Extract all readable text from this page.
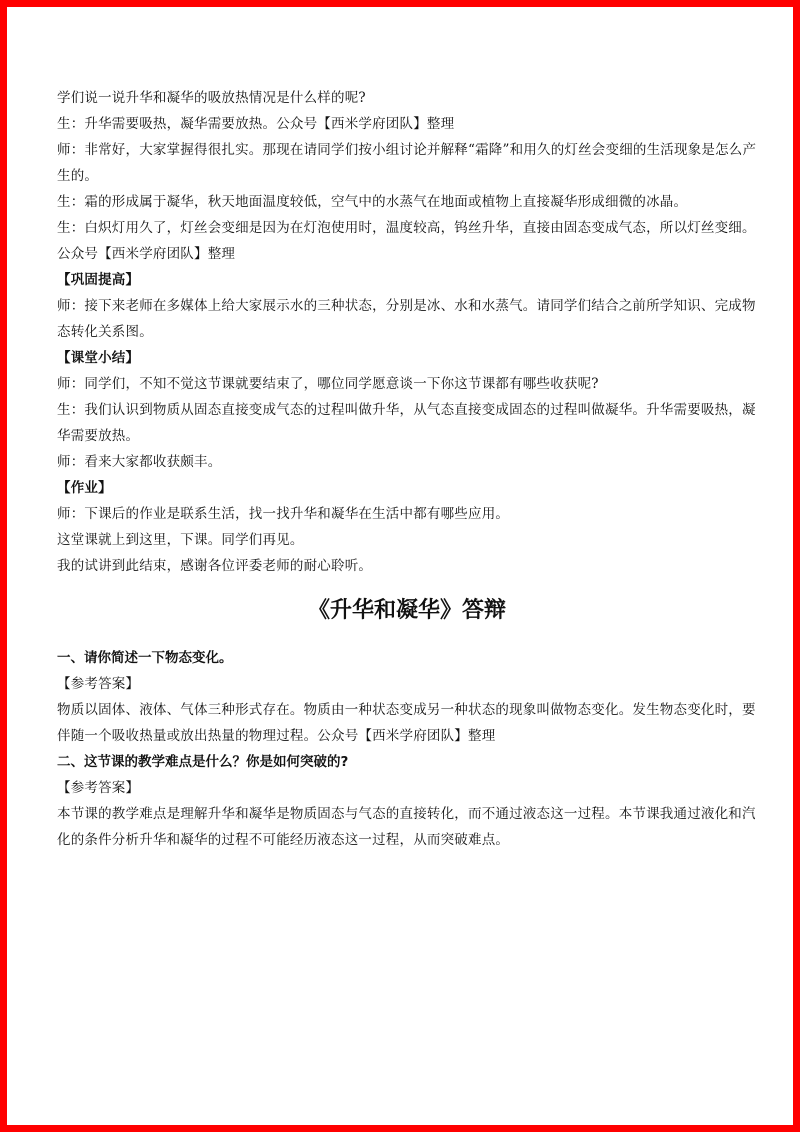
学们说一说升华和凝华的吸放热情况是什么样的呢?

生：升华需要吸热，凝华需要放热。公众号【西米学府团队】整理

师：非常好，大家掌握得很扎实。那现在请同学们按小组讨论并解释“霜降”和用久的灯丝会变细的生活现象是怎么产生的。

生：霜的形成属于凝华，秋天地面温度较低，空气中的水蒸气在地面或植物上直接凝华形成细微的冰晶。

生：白炽灯用久了，灯丝会变细是因为在灯泡使用时，温度较高，钨丝升华，直接由固态变成气态，所以灯丝变细。公众号【西米学府团队】整理

【巩固提高】

师：接下来老师在多媒体上给大家展示水的三种状态，分别是冰、水和水蒸气。请同学们结合之前所学知识、完成物态转化关系图。

【课堂小结】

师：同学们，不知不觉这节课就要结束了，哪位同学愿意谈一下你这节课都有哪些收获呢?

生：我们认识到物质从固态直接变成气态的过程叫做升华，从气态直接变成固态的过程叫做凝华。升华需要吸热，凝华需要放热。

师：看来大家都收获颇丰。

【作业】

师：下课后的作业是联系生活，找一找升华和凝华在生活中都有哪些应用。

这堂课就上到这里，下课。同学们再见。

我的试讲到此结束，感谢各位评委老师的耐心聆听。

《升华和凝华》答辩

一、请你简述一下物态变化。

【参考答案】

物质以固体、液体、气体三种形式存在。物质由一种状态变成另一种状态的现象叫做物态变化。发生物态变化时，要伴随一个吸收热量或放出热量的物理过程。公众号【西米学府团队】整理

二、这节课的教学难点是什么？你是如何突破的?

【参考答案】

本节课的教学难点是理解升华和凝华是物质固态与气态的直接转化，而不通过液态这一过程。本节课我通过液化和汽化的条件分析升华和凝华的过程不可能经历液态这一过程，从而突破难点。
